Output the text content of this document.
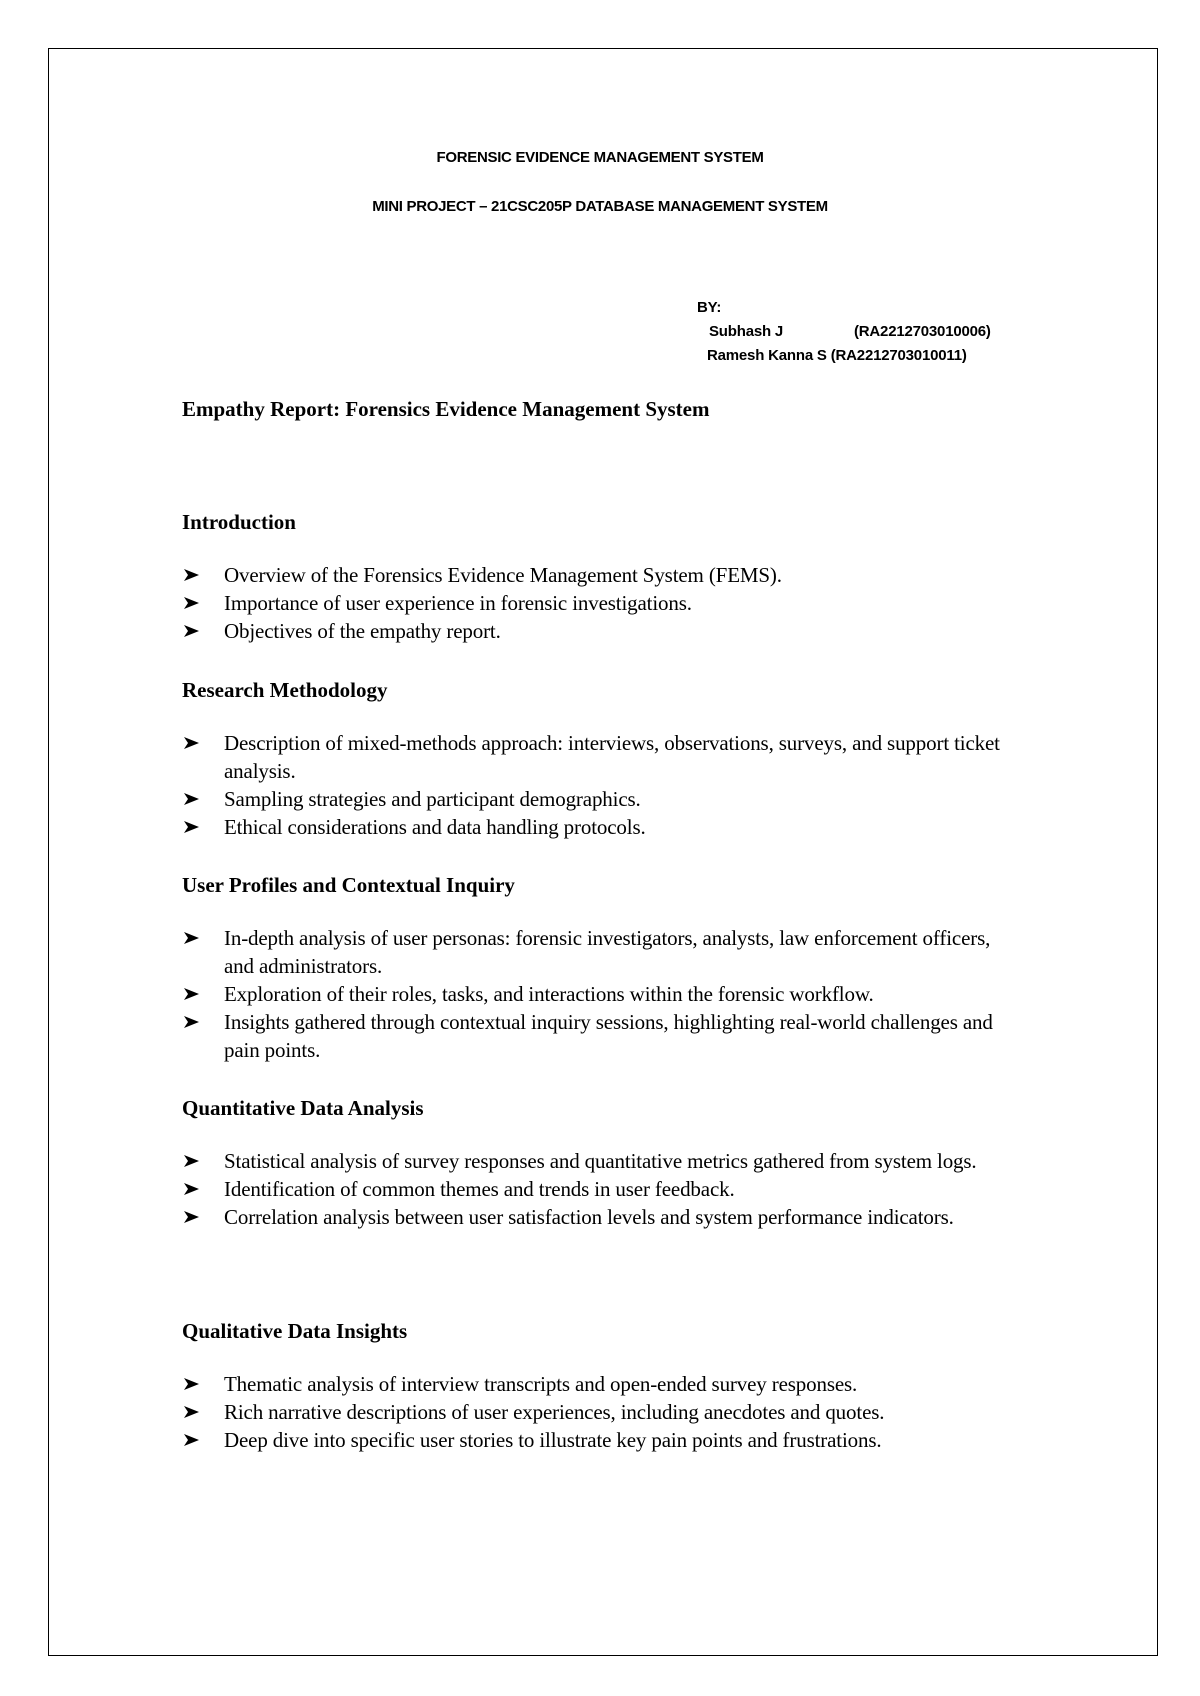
FORENSIC EVIDENCE MANAGEMENT SYSTEM
MINI PROJECT – 21CSC205P DATABASE MANAGEMENT SYSTEM
BY:
Subhash J	(RA2212703010006)
Ramesh Kanna S (RA2212703010011)
Empathy Report: Forensics Evidence Management System
Introduction
Overview of the Forensics Evidence Management System (FEMS).
Importance of user experience in forensic investigations.
Objectives of the empathy report.
Research Methodology
Description of mixed-methods approach: interviews, observations, surveys, and support ticket analysis.
Sampling strategies and participant demographics.
Ethical considerations and data handling protocols.
User Profiles and Contextual Inquiry
In-depth analysis of user personas: forensic investigators, analysts, law enforcement officers, and administrators.
Exploration of their roles, tasks, and interactions within the forensic workflow.
Insights gathered through contextual inquiry sessions, highlighting real-world challenges and pain points.
Quantitative Data Analysis
Statistical analysis of survey responses and quantitative metrics gathered from system logs.
Identification of common themes and trends in user feedback.
Correlation analysis between user satisfaction levels and system performance indicators.
Qualitative Data Insights
Thematic analysis of interview transcripts and open-ended survey responses.
Rich narrative descriptions of user experiences, including anecdotes and quotes.
Deep dive into specific user stories to illustrate key pain points and frustrations.
